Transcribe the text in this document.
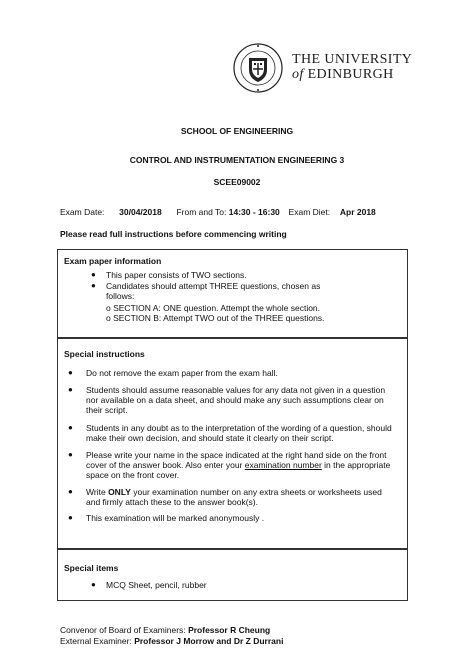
THE UNIVERSITY
of EDINBURGH
SCHOOL OF ENGINEERING
CONTROL AND INSTRUMENTATION ENGINEERING 3
SCEE09002
Exam Date: 30/04/2018 From and To: 14:30 - 16:30 Exam Diet: Apr 2018
Please read full instructions before commencing writing
Exam paper information
● This paper consists of TWO sections.
● Candidates should attempt THREE questions, chosen as follows:
o SECTION A: ONE question. Attempt the whole section.
o SECTION B: Attempt TWO out of the THREE questions.
Special instructions
● Do not remove the exam paper from the exam hall.
● Students should assume reasonable values for any data not given in a question nor available on a data sheet, and should make any such assumptions clear on their script.
● Students in any doubt as to the interpretation of the wording of a question, should make their own decision, and should state it clearly on their script.
● Please write your name in the space indicated at the right hand side on the front cover of the answer book. Also enter your examination number in the appropriate space on the front cover.
● Write ONLY your examination number on any extra sheets or worksheets used and firmly attach these to the answer book(s).
● This examination will be marked anonymously .
Special items
● MCQ Sheet, pencil, rubber
Convenor of Board of Examiners: Professor R Cheung
External Examiner: Professor J Morrow and Dr Z Durrani
